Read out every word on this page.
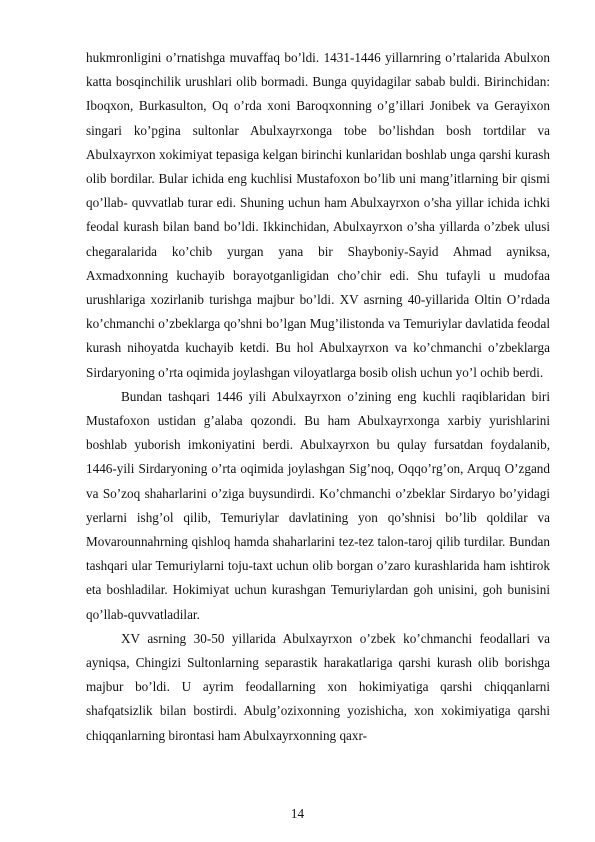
hukmronligini o’rnatishga muvaffaq bo’ldi. 1431-1446 yillarnring o’rtalarida Abulxon katta bosqinchilik urushlari olib bormadi. Bunga quyidagilar sabab buldi. Birinchidan: Iboqxon, Burkasulton, Oq o’rda xoni Baroqxonning o’g’illari Jonibek va Gerayixon singari ko’pgina sultonlar Abulxayrxonga tobe bo’lishdan bosh tortdilar va Abulxayrxon xokimiyat tepasiga kelgan birinchi kunlaridan boshlab unga qarshi kurash olib bordilar. Bular ichida eng kuchlisi Mustafoxon bo’lib uni mang’itlarning bir qismi qo’llab- quvvatlab turar edi. Shuning uchun ham Abulxayrxon o’sha yillar ichida ichki feodal kurash bilan band bo’ldi. Ikkinchidan, Abulxayrxon o’sha yillarda o’zbek ulusi chegaralarida ko’chib yurgan yana bir Shayboniy-Sayid Ahmad ayniksa, Axmadxonning kuchayib borayotganligidan cho’chir edi. Shu tufayli u mudofaa urushlariga xozirlanib turishga majbur bo’ldi. XV asrning 40-yillarida Oltin O’rdada ko’chmanchi o’zbeklarga qo’shni bo’lgan Mug’ilistonda va Temuriylar davlatida feodal kurash nihoyatda kuchayib ketdi. Bu hol Abulxayrxon va ko’chmanchi o’zbeklarga Sirdaryoning o’rta oqimida joylashgan viloyatlarga bosib olish uchun yo’l ochib berdi.

Bundan tashqari 1446 yili Abulxayrxon o’zining eng kuchli raqiblaridan biri Mustafoxon ustidan g’alaba qozondi. Bu ham Abulxayrxonga xarbiy yurishlarini boshlab yuborish imkoniyatini berdi. Abulxayrxon bu qulay fursatdan foydalanib, 1446-yili Sirdaryoning o’rta oqimida joylashgan Sig’noq, Oqqo’rg’on, Arquq O’zgand va So’zoq shaharlarini o’ziga buysundirdi. Ko’chmanchi o’zbeklar Sirdaryo bo’yidagi yerlarni ishg’ol qilib, Temuriylar davlatining yon qo’shnisi bo’lib qoldilar va Movarounnahrning qishloq hamda shaharlarini tez-tez talon-taroj qilib turdilar. Bundan tashqari ular Temuriylarni toju-taxt uchun olib borgan o’zaro kurashlarida ham ishtirok eta boshladilar. Hokimiyat uchun kurashgan Temuriylardan goh unisini, goh bunisini qo’llab-quvvatladilar.

XV asrning 30-50 yillarida Abulxayrxon o’zbek ko’chmanchi feodallari va ayniqsa, Chingizi Sultonlarning separastik harakatlariga qarshi kurash olib borishga majbur bo’ldi. U ayrim feodallarning xon hokimiyatiga qarshi chiqqanlarni shafqatsizlik bilan bostirdi. Abulg’ozixonning yozishicha, xon xokimiyatiga qarshi chiqqanlarning birontasi ham Abulxayrxonning qaxr-

14
